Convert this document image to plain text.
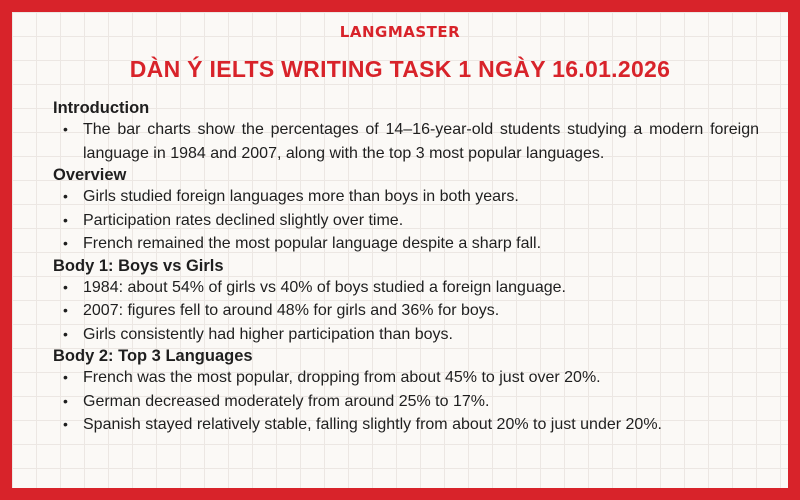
LANGMASTER
DÀN Ý IELTS WRITING TASK 1 NGÀY 16.01.2026
Introduction
• The bar charts show the percentages of 14–16-year-old students studying a modern foreign language in 1984 and 2007, along with the top 3 most popular languages.
Overview
• Girls studied foreign languages more than boys in both years.
• Participation rates declined slightly over time.
• French remained the most popular language despite a sharp fall.
Body 1: Boys vs Girls
• 1984: about 54% of girls vs 40% of boys studied a foreign language.
• 2007: figures fell to around 48% for girls and 36% for boys.
• Girls consistently had higher participation than boys.
Body 2: Top 3 Languages
• French was the most popular, dropping from about 45% to just over 20%.
• German decreased moderately from around 25% to 17%.
• Spanish stayed relatively stable, falling slightly from about 20% to just under 20%.
